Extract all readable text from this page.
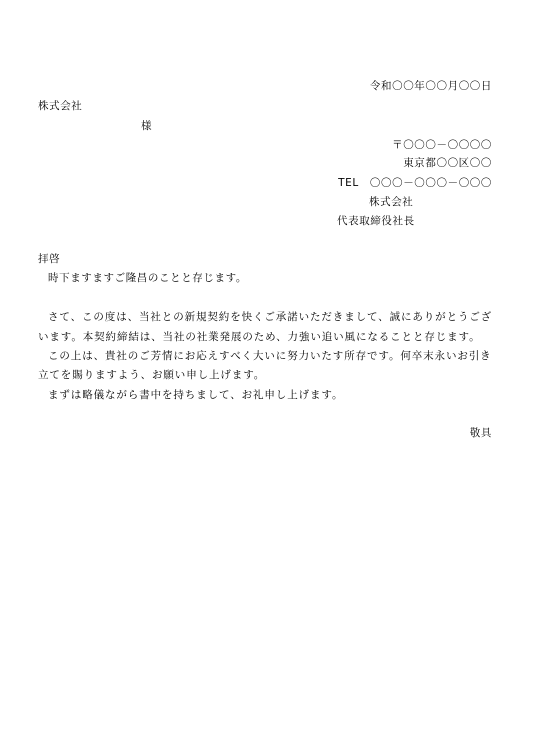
令和〇〇年〇〇月〇〇日
株式会社
様
〒〇〇〇－〇〇〇〇
東京都〇〇区〇〇
TEL　〇〇〇－〇〇〇－〇〇〇
株式会社
代表取締役社長
拝啓
時下ますますご隆昌のことと存じます。
さて、この度は、当社との新規契約を快くご承諾いただきまして、誠にありがとうござ
います。本契約締結は、当社の社業発展のため、力強い追い風になることと存じます。
この上は、貴社のご芳情にお応えすべく大いに努力いたす所存です。何卒末永いお引き
立てを賜りますよう、お願い申し上げます。
まずは略儀ながら書中を持ちまして、お礼申し上げます。
敬具
